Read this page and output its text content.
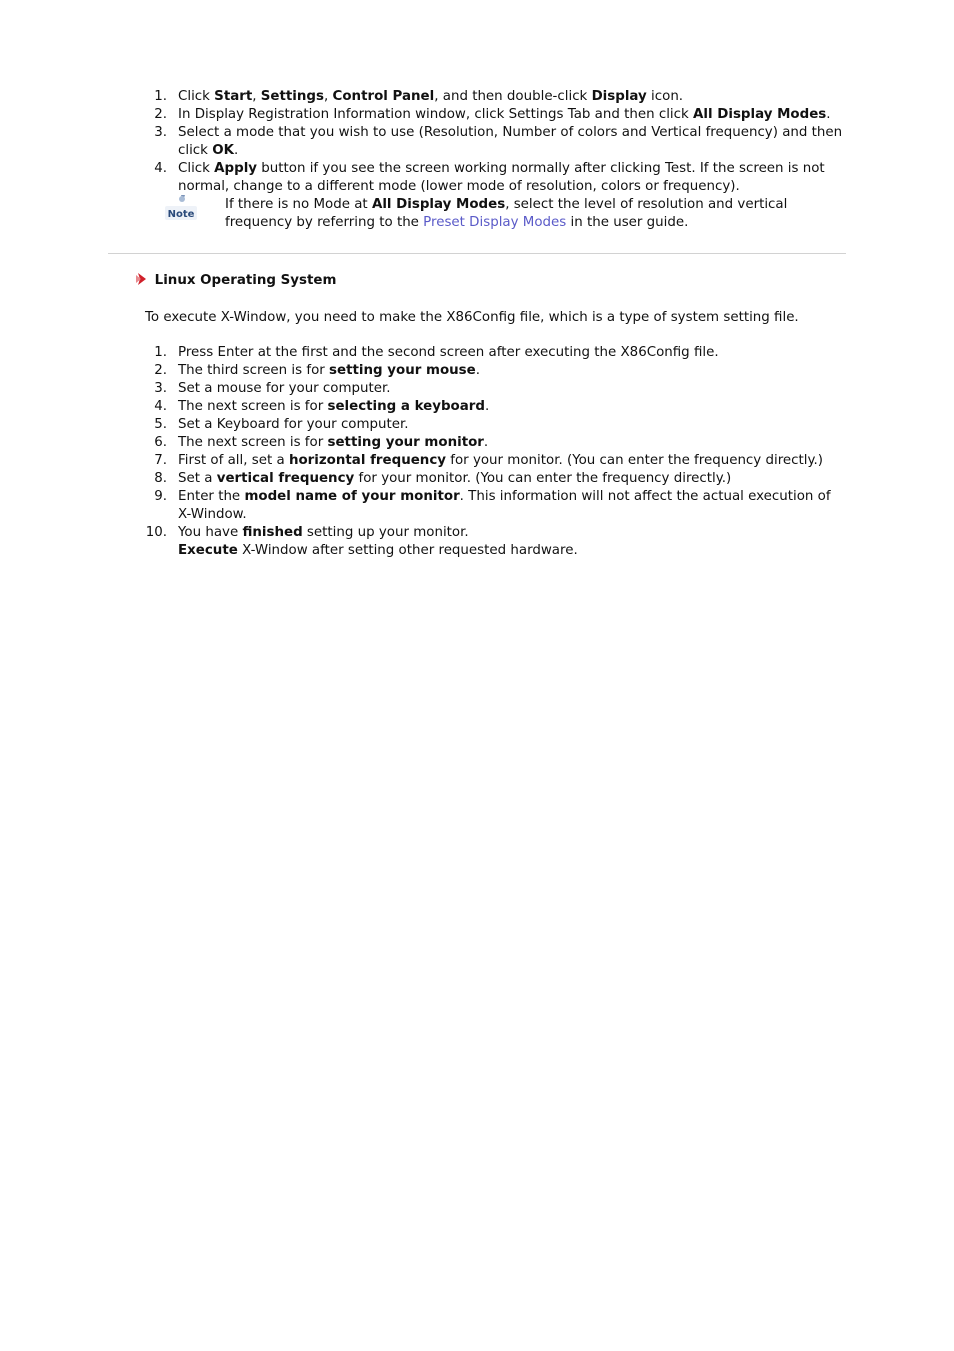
1. Click Start, Settings, Control Panel, and then double-click Display icon.
2. In Display Registration Information window, click Settings Tab and then click All Display Modes.
3. Select a mode that you wish to use (Resolution, Number of colors and Vertical frequency) and then click OK.
4. Click Apply button if you see the screen working normally after clicking Test. If the screen is not normal, change to a different mode (lower mode of resolution, colors or frequency).
Note
If there is no Mode at All Display Modes, select the level of resolution and vertical frequency by referring to the Preset Display Modes in the user guide.
Linux Operating System
To execute X-Window, you need to make the X86Config file, which is a type of system setting file.
1. Press Enter at the first and the second screen after executing the X86Config file.
2. The third screen is for setting your mouse.
3. Set a mouse for your computer.
4. The next screen is for selecting a keyboard.
5. Set a Keyboard for your computer.
6. The next screen is for setting your monitor.
7. First of all, set a horizontal frequency for your monitor. (You can enter the frequency directly.)
8. Set a vertical frequency for your monitor. (You can enter the frequency directly.)
9. Enter the model name of your monitor. This information will not affect the actual execution of X-Window.
10. You have finished setting up your monitor.
Execute X-Window after setting other requested hardware.
